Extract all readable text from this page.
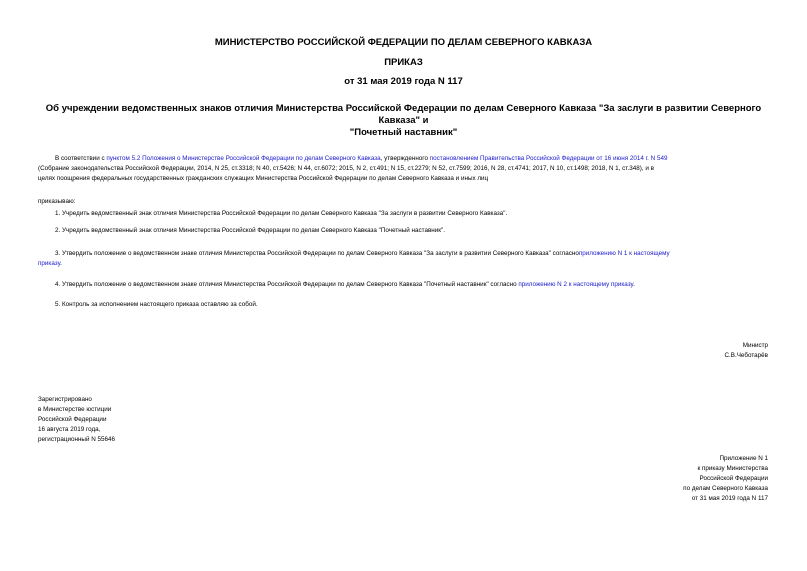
МИНИСТЕРСТВО РОССИЙСКОЙ ФЕДЕРАЦИИ ПО ДЕЛАМ СЕВЕРНОГО КАВКАЗА
ПРИКАЗ
от 31 мая 2019 года N 117
Об учреждении ведомственных знаков отличия Министерства Российской Федерации по делам Северного Кавказа "За заслуги в развитии Северного Кавказа" и
"Почетный наставник"
В соответствии с пунктом 5.2 Положения о Министерстве Российской Федерации по делам Северного Кавказа, утвержденного постановлением Правительства Российской Федерации от 16 июня 2014 г. N 549
(Собрание законодательства Российской Федерации, 2014, N 25, ст.3318; N 40, ст.5426; N 44, ст.6072; 2015, N 2, ст.491; N 15, ст.2279; N 52, ст.7599; 2016, N 28, ст.4741; 2017, N 10, ст.1498; 2018, N 1, ст.348), и в
целях поощрения федеральных государственных гражданских служащих Министерства Российской Федерации по делам Северного Кавказа и иных лиц
приказываю:
1. Учредить ведомственный знак отличия Министерства Российской Федерации по делам Северного Кавказа "За заслуги в развитии Северного Кавказа".
2. Учредить ведомственный знак отличия Министерства Российской Федерации по делам Северного Кавказа "Почетный наставник".
3. Утвердить положение о ведомственном знаке отличия Министерства Российской Федерации по делам Северного Кавказа "За заслуги в развитии Северного Кавказа" согласноприложению N 1 к настоящему
приказу.
4. Утвердить положение о ведомственном знаке отличия Министерства Российской Федерации по делам Северного Кавказа "Почетный наставник" согласно приложению N 2 к настоящему приказу.
5. Контроль за исполнением настоящего приказа оставляю за собой.
Министр
С.В.Чеботарёв
Зарегистрировано
в Министерстве юстиции
Российской Федерации
16 августа 2019 года,
регистрационный N 55646
Приложение N 1
к приказу Министерства
Российской Федерации
по делам Северного Кавказа
от 31 мая 2019 года N 117
